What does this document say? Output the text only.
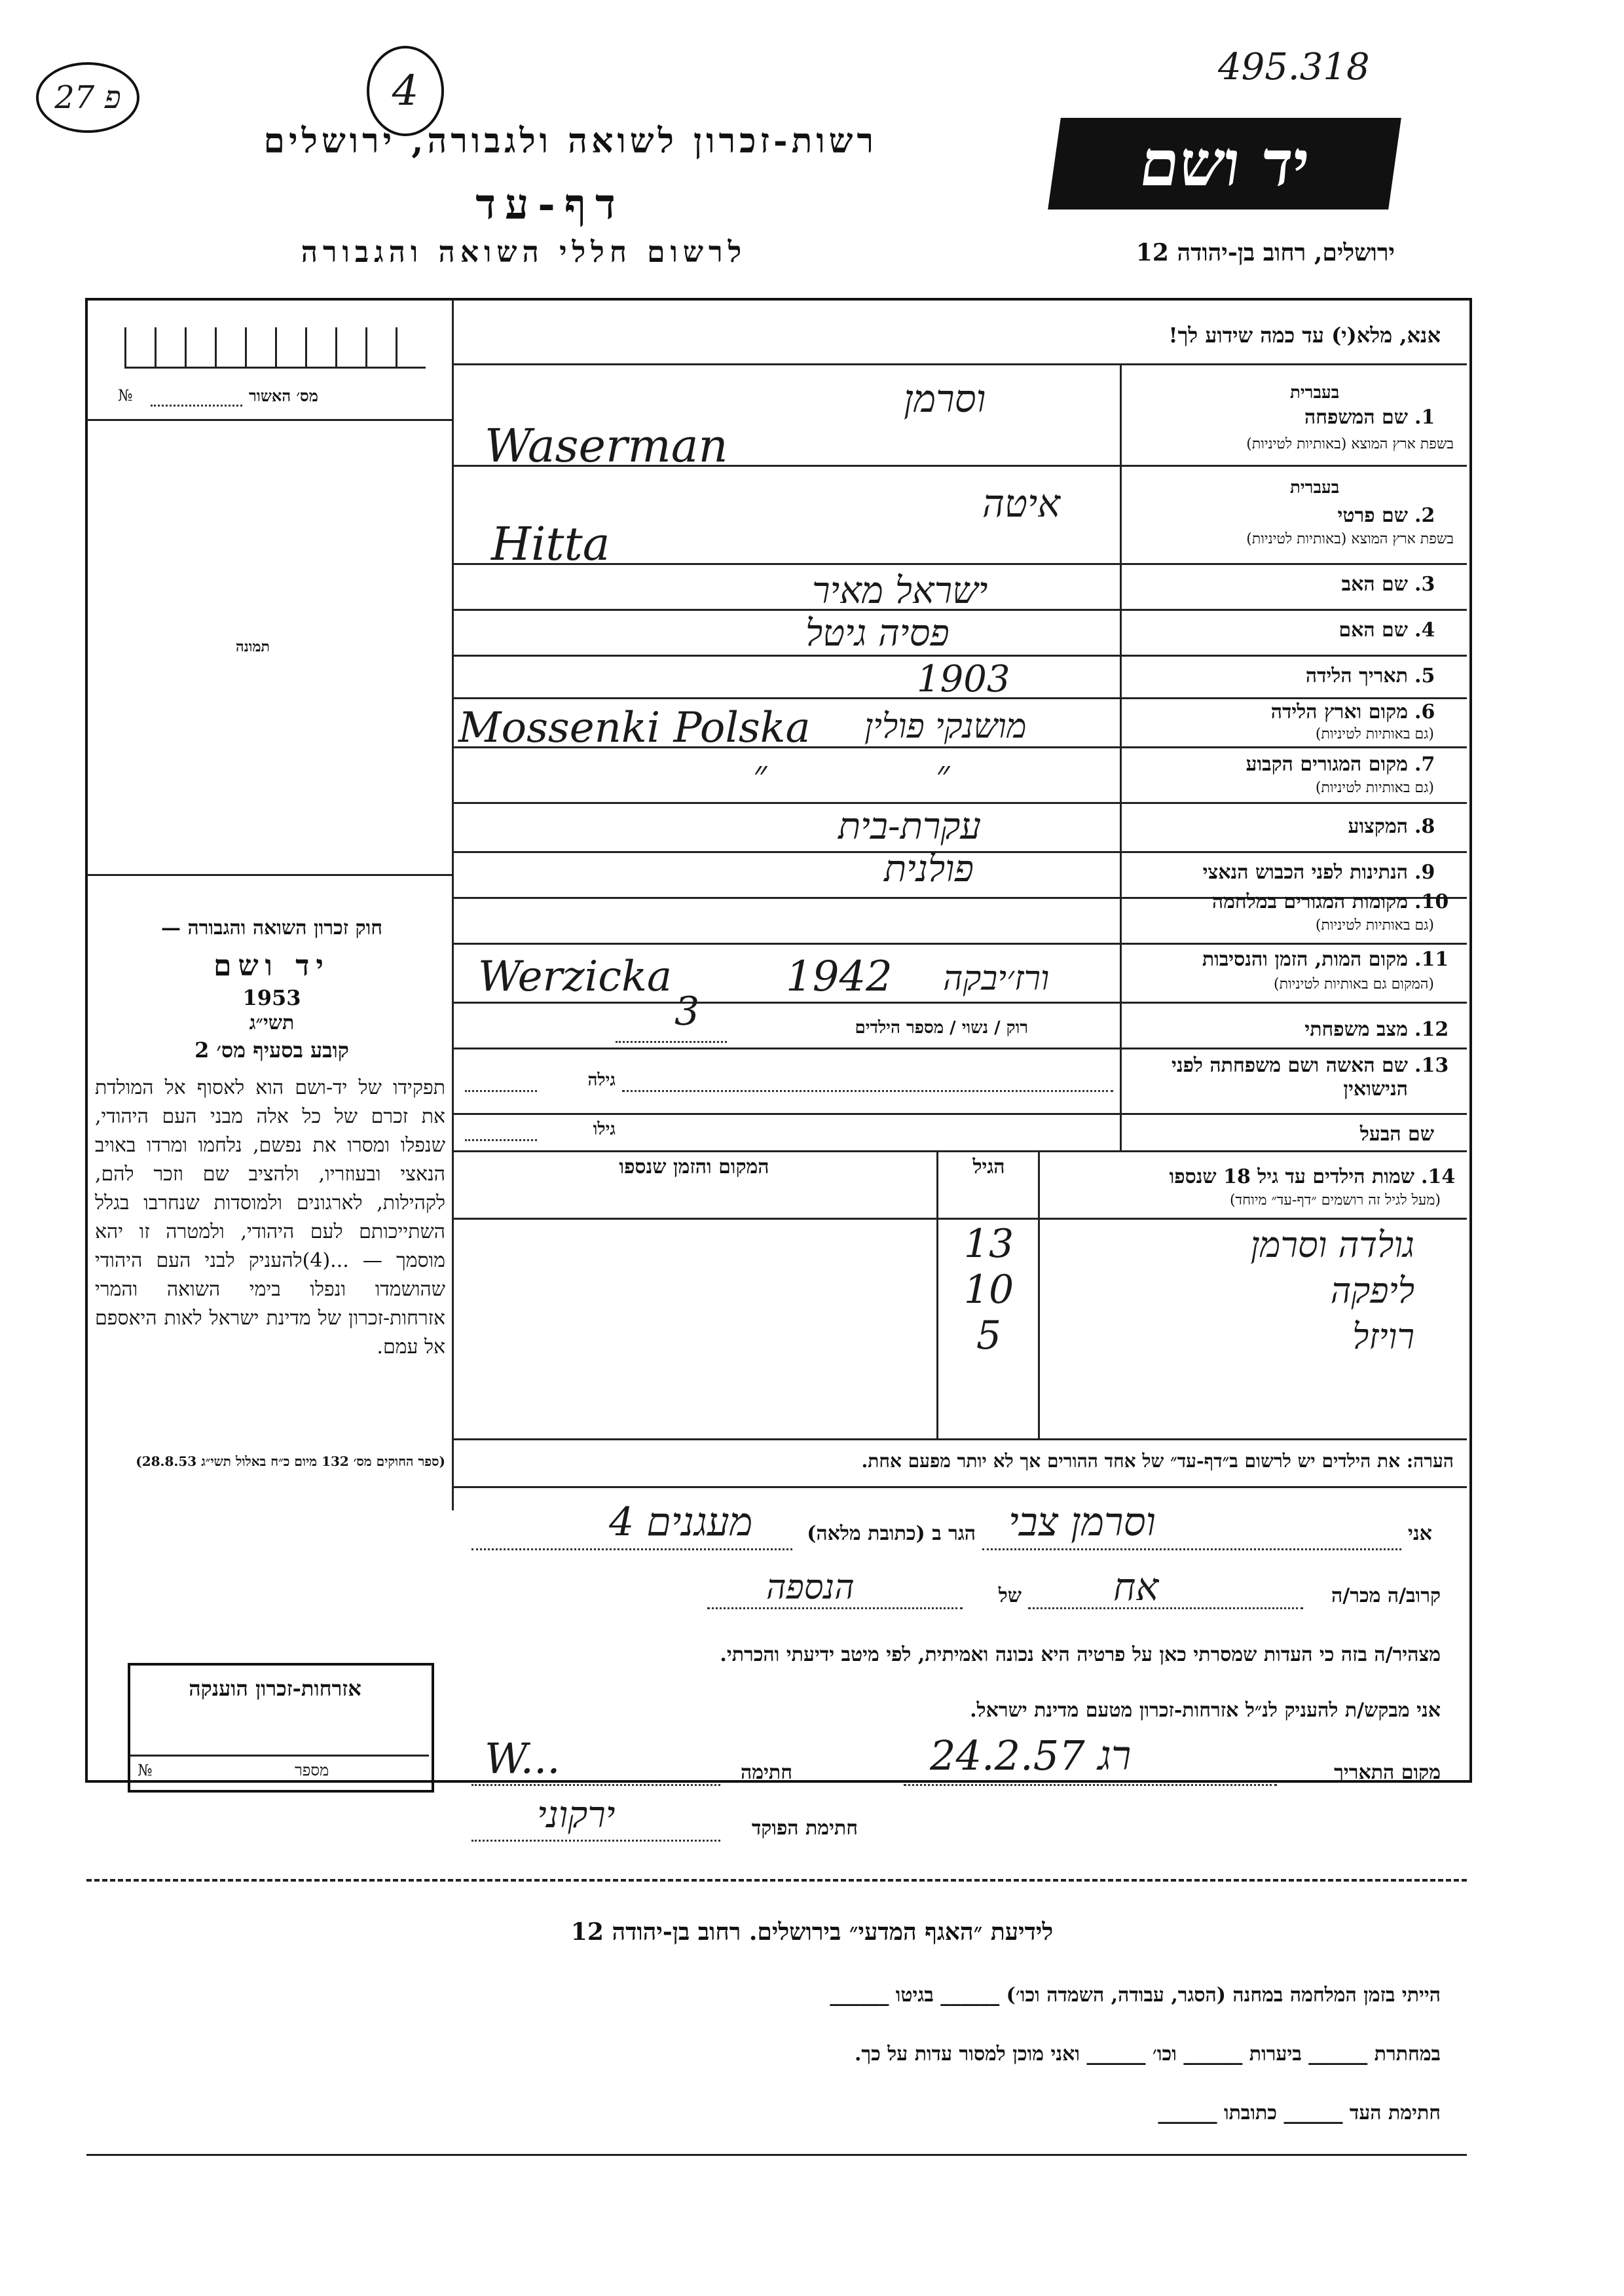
פ 27	4	495.318
רשות-זכרון לשואה ולגבורה, ירושלים
דף-עד
לרשום חללי השואה והגבורה
יד ושם
ירושלים, רחוב בן-יהודה 12
מס׳ האשור
№
תמונה
חוק זכרון השואה והגבורה —
יד ושם
תשי״ג
1953
קובע בסעיף מס׳ 2
תפקידו של יד-ושם הוא לאסוף אל המולדת את זכרם של כל אלה מבני העם היהודי, שנפלו ומסרו את נפשם, נלחמו ומרדו באויב הנאצי ובעוזריו, ולהציב שם וזכר להם, לקהילות, לארגונים ולמוסדות שנחרבו בגלל השתייכותם לעם היהודי, ולמטרה זו יהא מוסמך — ...(4)להעניק לבני העם היהודי שהושמדו ונפלו בימי השואה והמרי אזרחות-זכרון של מדינת ישראל לאות היאספם אל עמם.
(ספר החוקים מס׳ 132 מיום כ״ח באלול תשי״ג 28.8.53)
אזרחות-זכרון הוענקה
מספר
№
אנא, מלא(י) עד כמה שידוע לך!
1.
שם המשפחה
בעברית
בשפת ארץ המוצא (באותיות לטיניות)
וסרמן
Waserman
2.
שם פרטי
בעברית
בשפת ארץ המוצא (באותיות לטיניות)
איטה
Hitta
3.
שם האב
ישראל מאיר
4.
שם האם
פסיה גיטל
5.
תאריך הלידה
1903
6.
מקום וארץ הלידה
(גם באותיות לטיניות)
Mossenki Polska מושנקי פולין
7.
מקום המגורים הקבוע
(גם באותיות לטיניות)
״ ״
8.
המקצוע
עקרת-בית
9.
הנתינות לפני הכבוש הנאצי
פולנית
10.
מקומות המגורים במלחמה
(גם באותיות לטיניות)
11.
מקום המות, הזמן והנסיבות
(המקום גם באותיות לטיניות)
Werzicka	1942 ורז׳יבקה
12.
מצב משפחתי
רוק / נשוי / מספר הילדים
3
13.
שם האשה ושם משפחתה לפני הנישואין
גילה
שם הבעל
גילו
14.
שמות הילדים עד גיל 18 שנספו
(מעל לגיל זה רושמים ״דף-עד״ מיוחד)
הגיל
המקום והזמן שנספו
גולדה וסרמן
13
ליפקה
10
רויזל
5
הערה: את הילדים יש לרשום ב״דף-עד״ של אחד ההורים אך לא יותר מפעם אחת.
אני
וסרמן צבי
הגר ב (כתובת מלאה)
מעגנים 4
קרוב/ה מכר/ה
אח
של
הנספה
מצהיר/ה בזה כי העדות שמסרתי כאן על פרטיה היא נכונה ואמיתית, לפי מיטב ידיעתי והכרתי.
אני מבקש/ת להעניק לנ״ל אזרחות-זכרון מטעם מדינת ישראל.
מקום התאריך
רג 24.2.57
חתימה
W...
חתימת הפוקד
ירקוני
לידיעת ״האגף המדעי״ בירושלים. רחוב בן-יהודה 12
הייתי בזמן המלחמה במחנה (הסגר, עבודה, השמדה וכו׳) ______ בגיטו ______
במחתרת ______ ביערות ______ וכו׳ ______ ואני מוכן למסור עדות על כך.
חתימת העד ______ כתובתו ______
